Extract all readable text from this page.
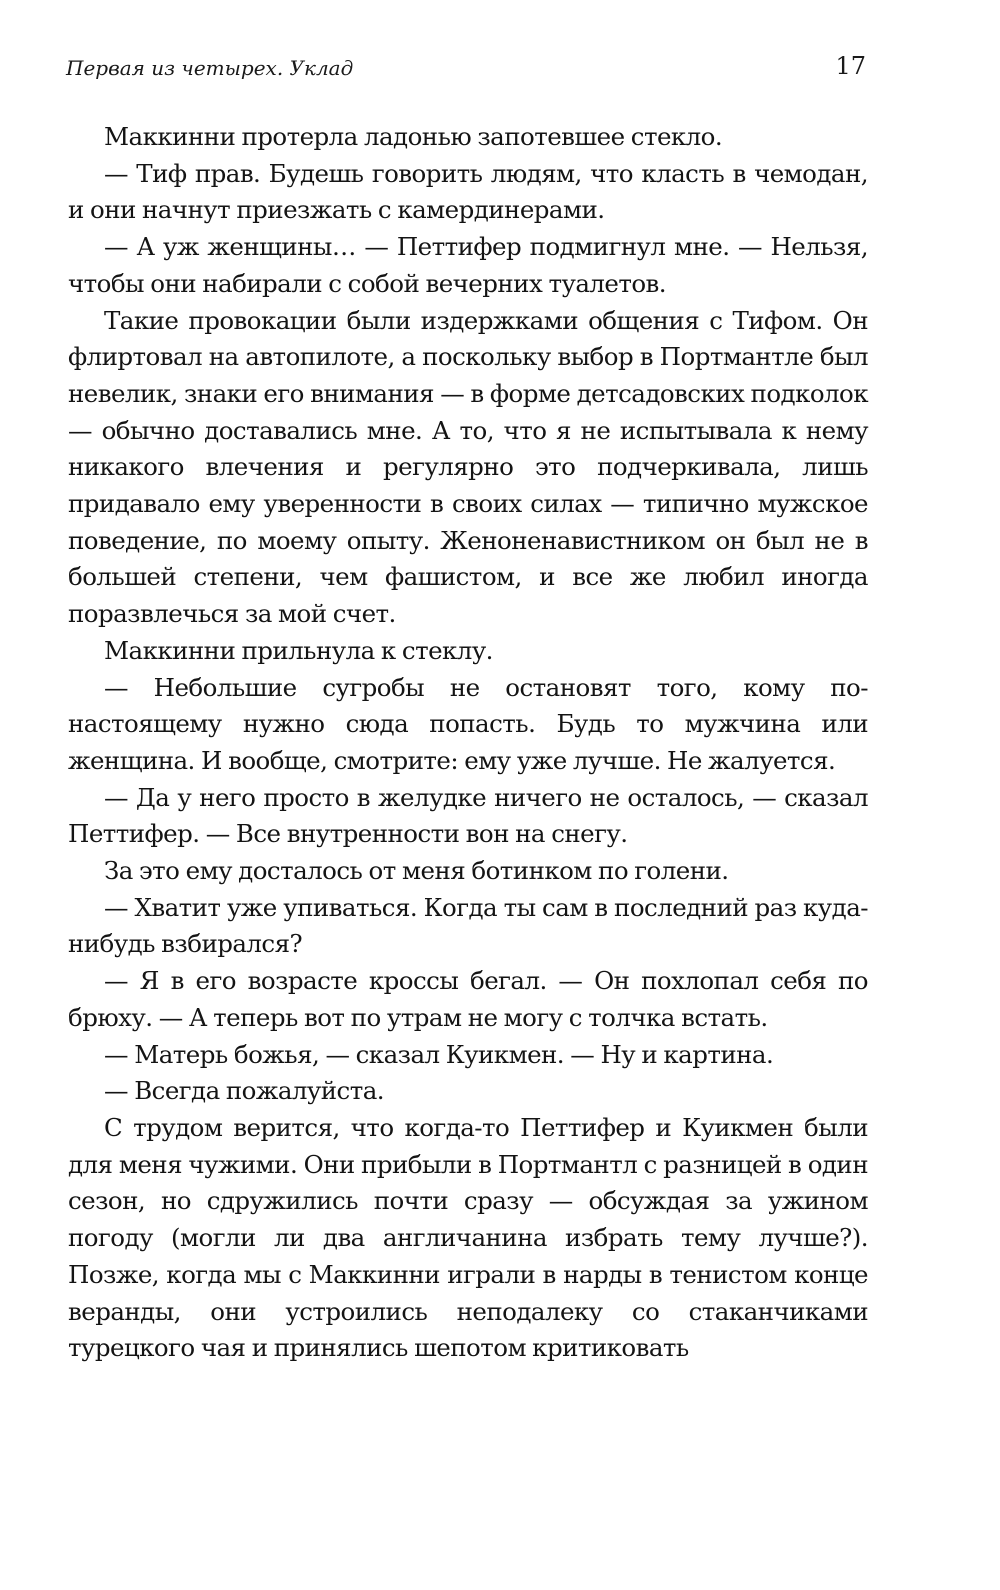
Первая из четырех. Уклад	17

Маккинни протерла ладонью запотевшее стекло.

— Тиф прав. Будешь говорить людям, что класть в чемодан, и они начнут приезжать с камердинерами.

— А уж женщины… — Петтифер подмигнул мне. — Нельзя, чтобы они набирали с собой вечерних туалетов.

Такие провокации были издержками общения с Тифом. Он флиртовал на автопилоте, а поскольку выбор в Портмантле был невелик, знаки его внимания — в форме детсадовских подколок — обычно доставались мне. А то, что я не испытывала к нему никакого влечения и регулярно это подчеркивала, лишь придавало ему уверенности в своих силах — типично мужское поведение, по моему опыту. Женоненавистником он был не в большей степени, чем фашистом, и все же любил иногда поразвлечься за мой счет.

Маккинни прильнула к стеклу.

— Небольшие сугробы не остановят того, кому по-настоящему нужно сюда попасть. Будь то мужчина или женщина. И вообще, смотрите: ему уже лучше. Не жалуется.

— Да у него просто в желудке ничего не осталось, — сказал Петтифер. — Все внутренности вон на снегу.

За это ему досталось от меня ботинком по голени.

— Хватит уже упиваться. Когда ты сам в последний раз куда-нибудь взбирался?

— Я в его возрасте кроссы бегал. — Он похлопал себя по брюху. — А теперь вот по утрам не могу с толчка встать.

— Матерь божья, — сказал Куикмен. — Ну и картина.

— Всегда пожалуйста.

С трудом верится, что когда-то Петтифер и Куикмен были для меня чужими. Они прибыли в Портмантл с разницей в один сезон, но сдружились почти сразу — обсуждая за ужином погоду (могли ли два англичанина избрать тему лучше?). Позже, когда мы с Маккинни играли в нарды в тенистом конце веранды, они устроились неподалеку со стаканчиками турецкого чая и принялись шепотом критиковать
